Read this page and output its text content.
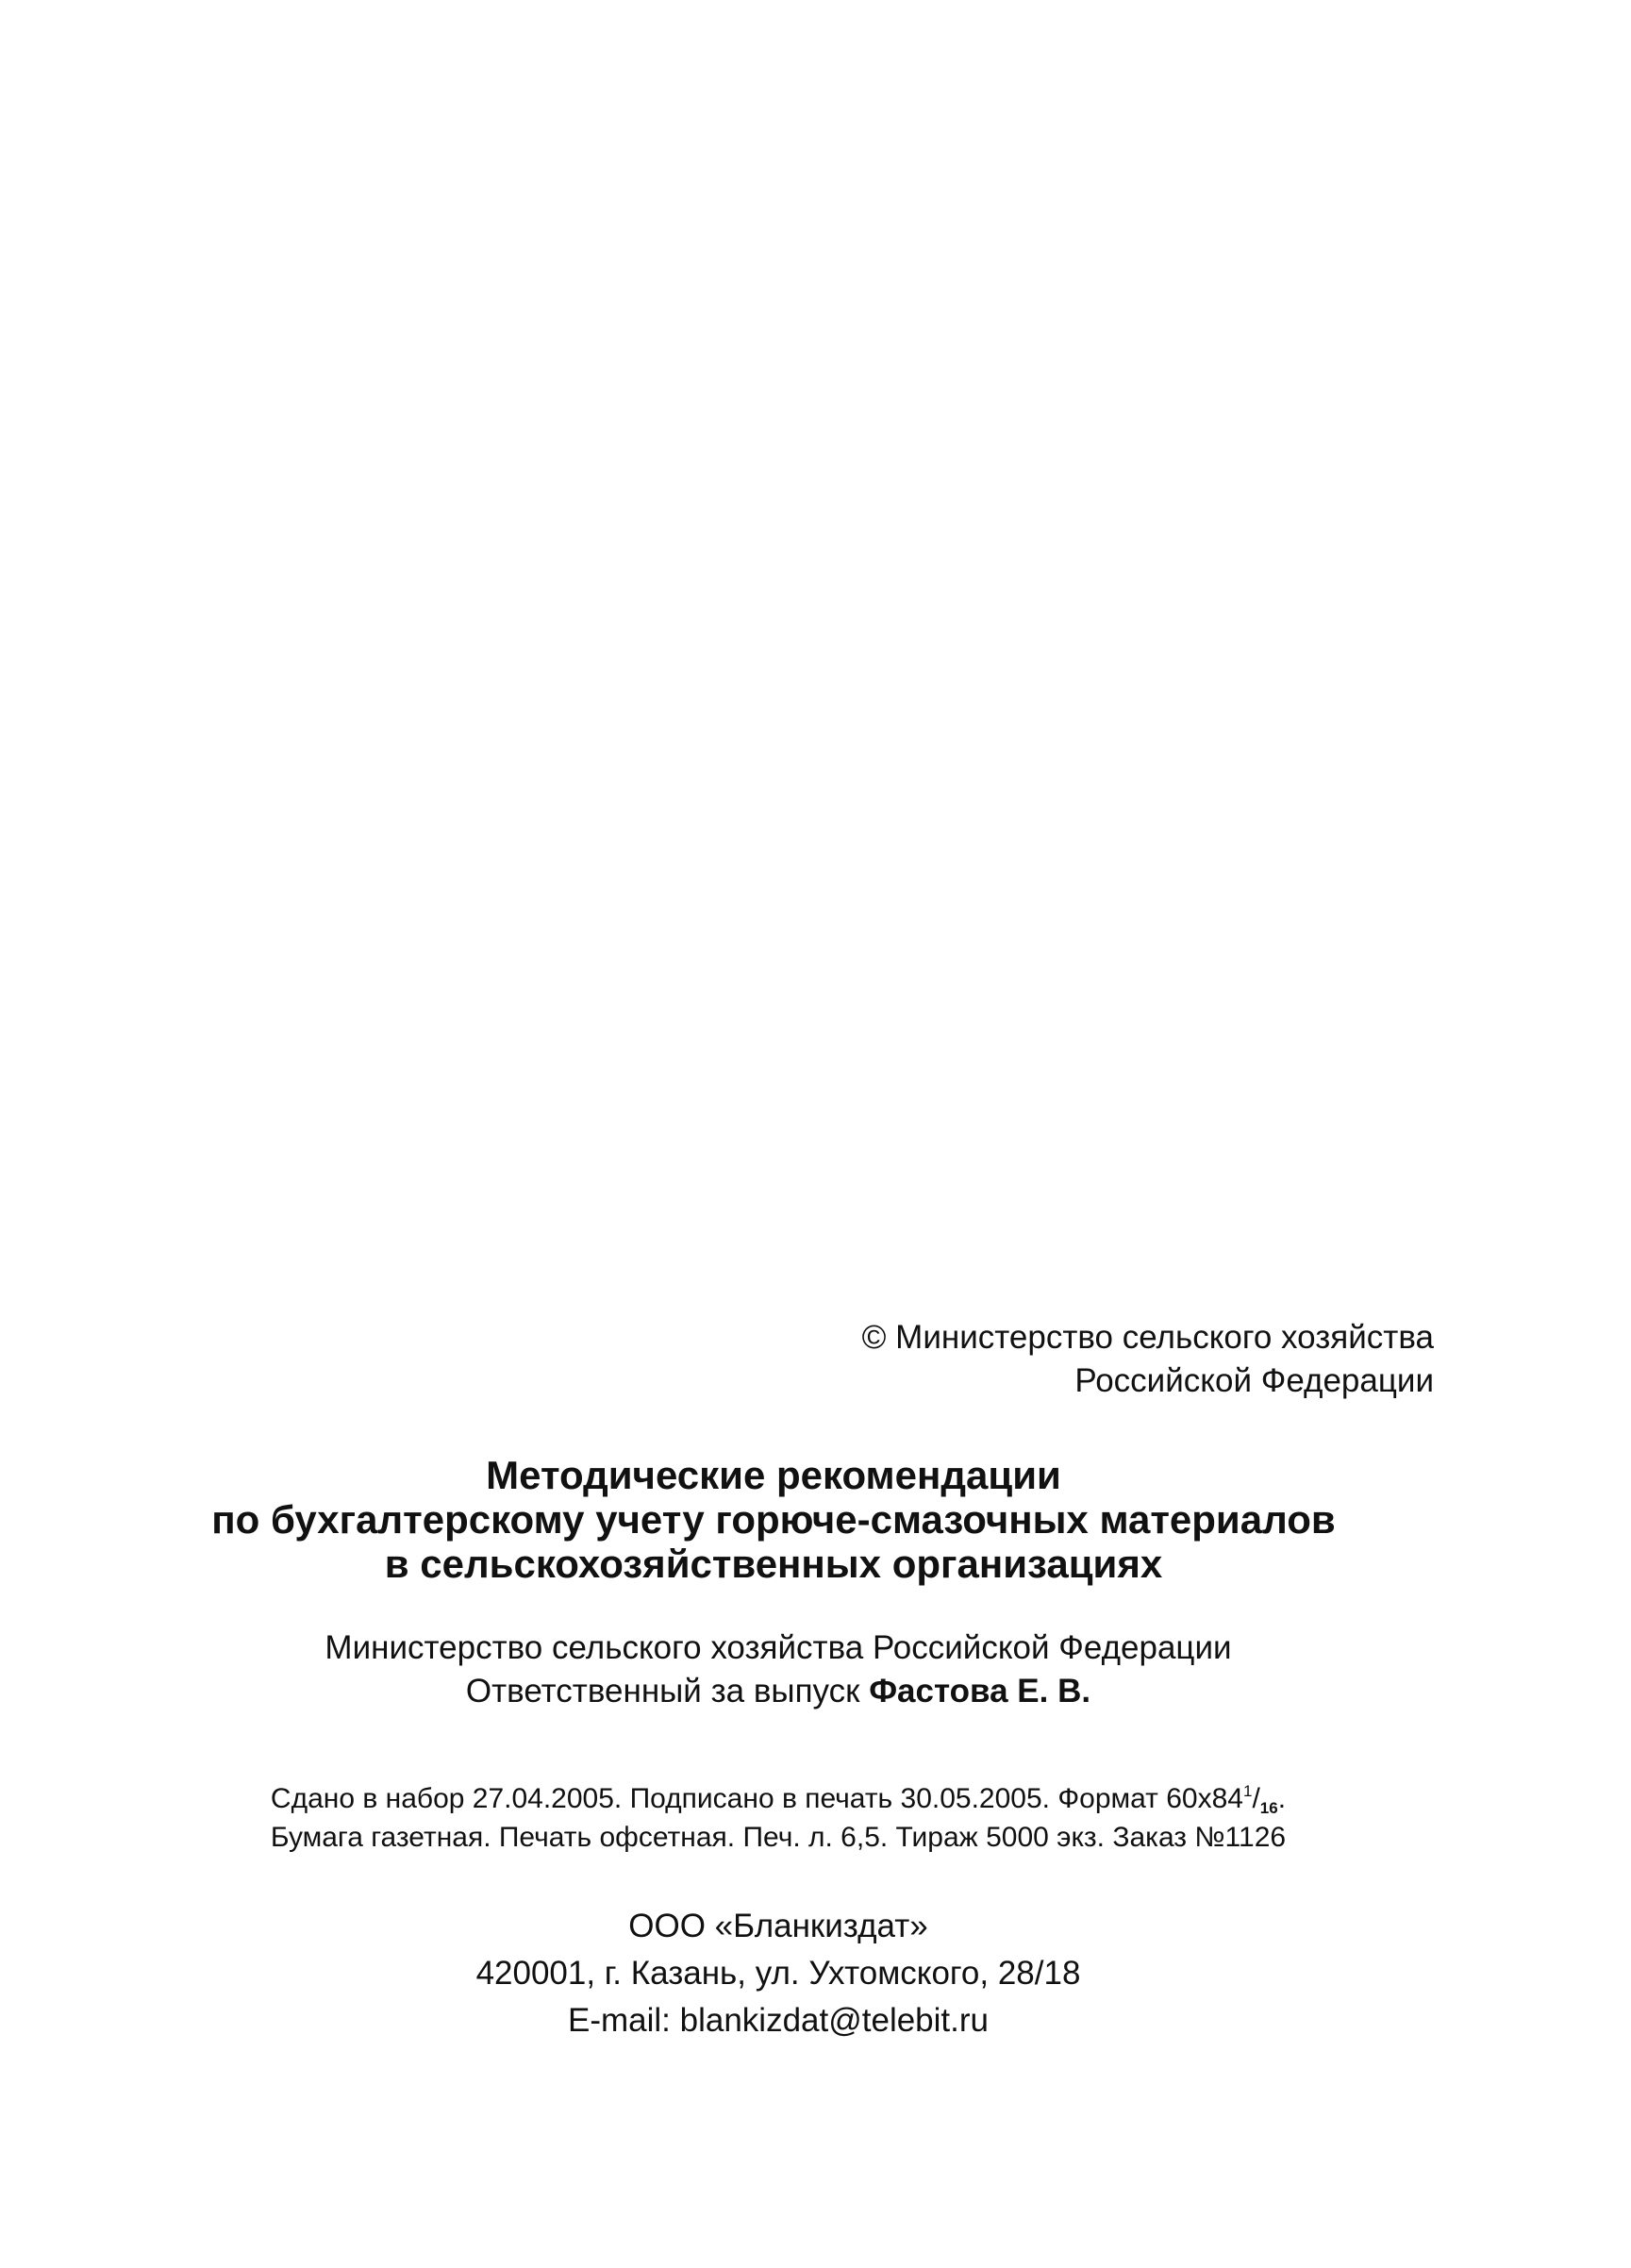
© Министерство сельского хозяйства
Российской Федерации
Методические рекомендации
по бухгалтерскому учету горюче-смазочных материалов
в сельскохозяйственных организациях
Министерство сельского хозяйства Российской Федерации
Ответственный за выпуск Фастова Е. В.
Сдано в набор 27.04.2005. Подписано в печать 30.05.2005. Формат $60х84^1/_{16}$.
Бумага газетная. Печать офсетная. Печ. л. 6,5. Тираж 5000 экз. Заказ №1126
ООО «Бланкиздат»
420001, г. Казань, ул. Ухтомского, 28/18
E-mail: blankizdat@telebit.ru
